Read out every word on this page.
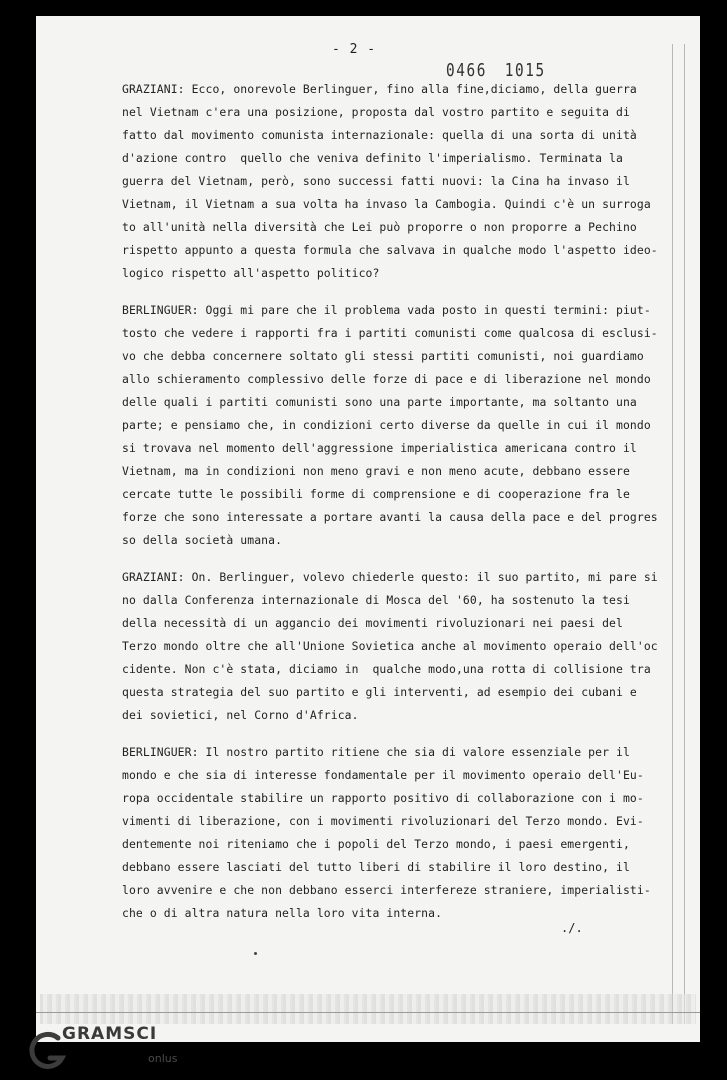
- 2 -
0466 1015
GRAZIANI: Ecco, onorevole Berlinguer, fino alla fine,diciamo, della guerra
nel Vietnam c'era una posizione, proposta dal vostro partito e seguita di
fatto dal movimento comunista internazionale: quella di una sorta di unità
d'azione contro  quello che veniva definito l'imperialismo. Terminata la
guerra del Vietnam, però, sono successi fatti nuovi: la Cina ha invaso il
Vietnam, il Vietnam a sua volta ha invaso la Cambogia. Quindi c'è un surroga
to all'unità nella diversità che Lei può proporre o non proporre a Pechino
rispetto appunto a questa formula che salvava in qualche modo l'aspetto ideo-
logico rispetto all'aspetto politico?
BERLINGUER: Oggi mi pare che il problema vada posto in questi termini: piut-
tosto che vedere i rapporti fra i partiti comunisti come qualcosa di esclusi-
vo che debba concernere soltato gli stessi partiti comunisti, noi guardiamo
allo schieramento complessivo delle forze di pace e di liberazione nel mondo
delle quali i partiti comunisti sono una parte importante, ma soltanto una
parte; e pensiamo che, in condizioni certo diverse da quelle in cui il mondo
si trovava nel momento dell'aggressione imperialistica americana contro il
Vietnam, ma in condizioni non meno gravi e non meno acute, debbano essere
cercate tutte le possibili forme di comprensione e di cooperazione fra le
forze che sono interessate a portare avanti la causa della pace e del progres
so della società umana.
GRAZIANI: On. Berlinguer, volevo chiederle questo: il suo partito, mi pare si
no dalla Conferenza internazionale di Mosca del '60, ha sostenuto la tesi
della necessità di un aggancio dei movimenti rivoluzionari nei paesi del
Terzo mondo oltre che all'Unione Sovietica anche al movimento operaio dell'oc
cidente. Non c'è stata, diciamo in  qualche modo,una rotta di collisione tra
questa strategia del suo partito e gli interventi, ad esempio dei cubani e
dei sovietici, nel Corno d'Africa.
BERLINGUER: Il nostro partito ritiene che sia di valore essenziale per il
mondo e che sia di interesse fondamentale per il movimento operaio dell'Eu-
ropa occidentale stabilire un rapporto positivo di collaborazione con i mo-
vimenti di liberazione, con i movimenti rivoluzionari del Terzo mondo. Evi-
dentemente noi riteniamo che i popoli del Terzo mondo, i paesi emergenti,
debbano essere lasciati del tutto liberi di stabilire il loro destino, il
loro avvenire e che non debbano esserci interfereze straniere, imperialisti-
che o di altra natura nella loro vita interna.
./.
GRAMSCI
onlus
